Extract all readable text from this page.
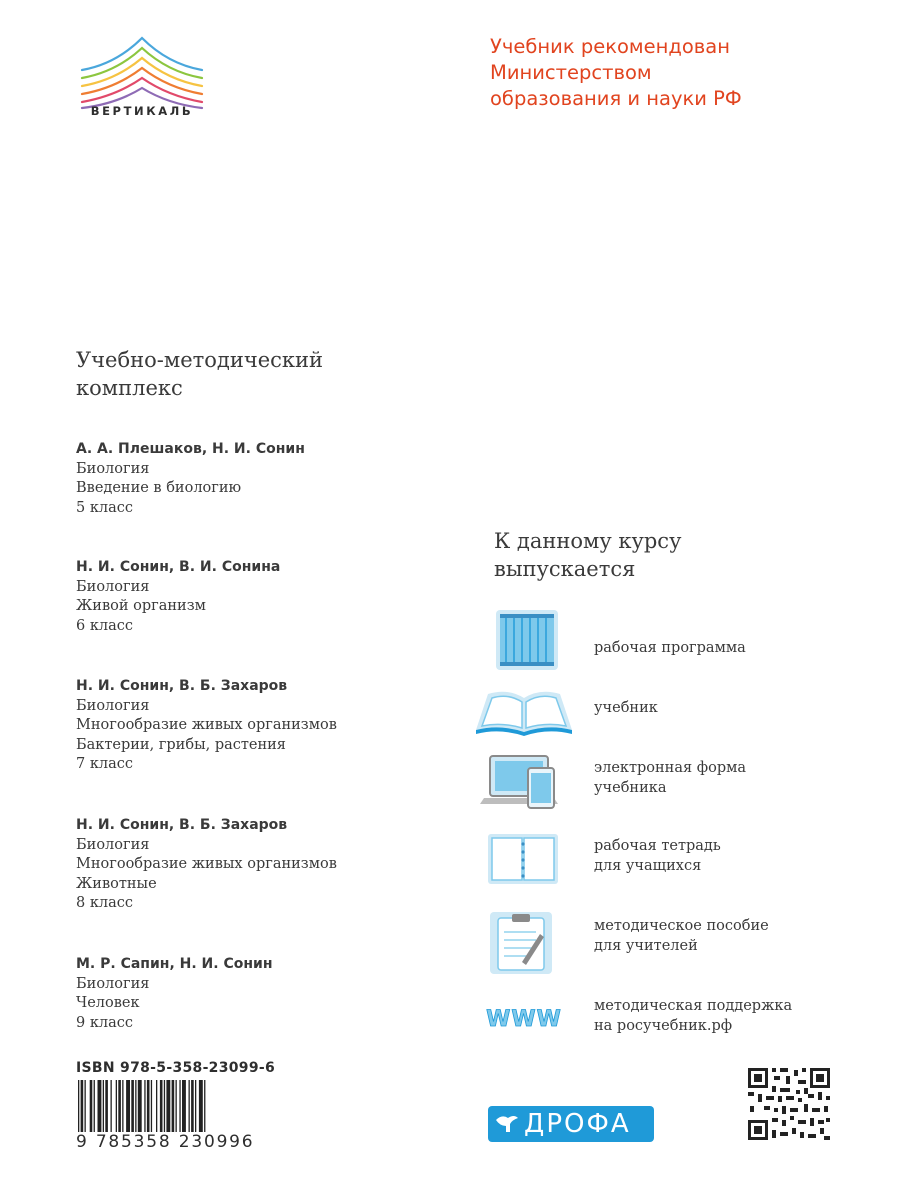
ВЕРТИКАЛЬ
Учебник рекомендован
Министерством
образования и науки РФ
Учебно-методический
комплекс
А. А. Плешаков, Н. И. Сонин
Биология
Введение в биологию
5 класс
Н. И. Сонин, В. И. Сонина
Биология
Живой организм
6 класс
Н. И. Сонин, В. Б. Захаров
Биология
Многообразие живых организмов
Бактерии, грибы, растения
7 класс
Н. И. Сонин, В. Б. Захаров
Биология
Многообразие живых организмов
Животные
8 класс
М. Р. Сапин, Н. И. Сонин
Биология
Человек
9 класс
К данному курсу
выпускается
рабочая программа
учебник
электронная форма
учебника
рабочая тетрадь
для учащихся
методическое пособие
для учителей
WWW
методическая поддержка
на росучебник.рф
ISBN 978-5-358-23099-6
9 785358 230996
ДРОФА
